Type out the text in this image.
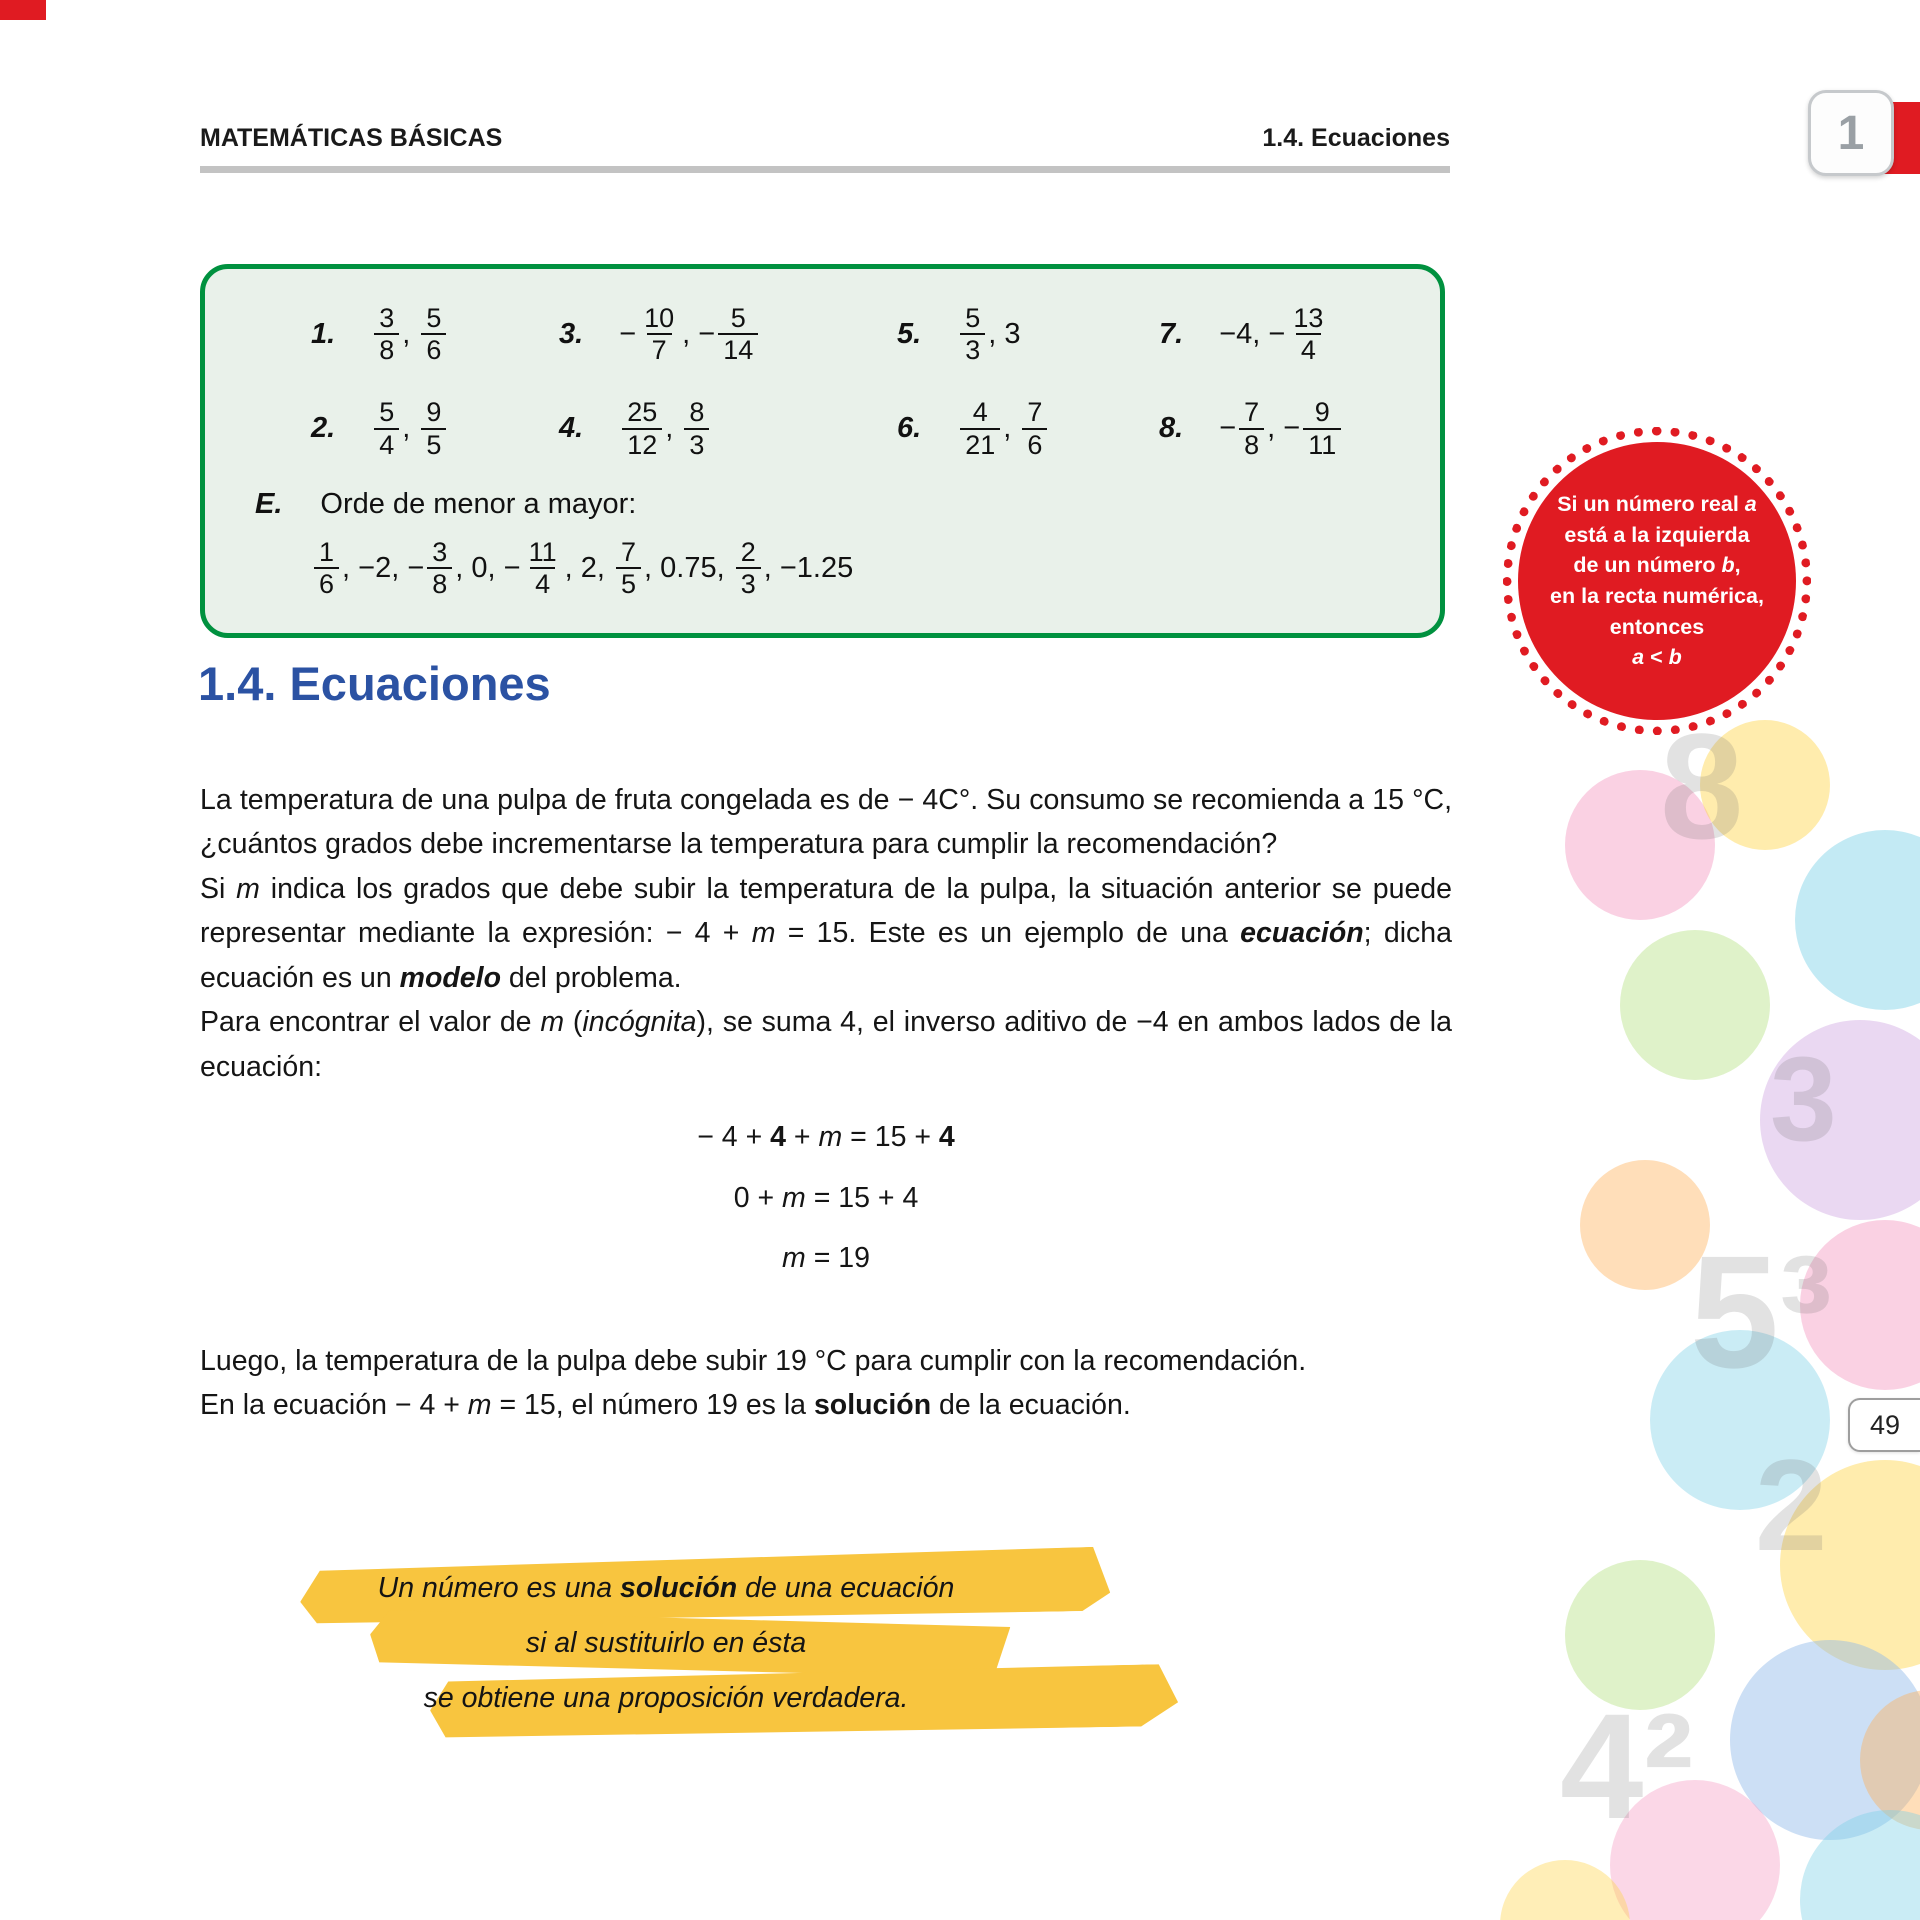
1
MATEMÁTICAS BÁSICAS	1.4. Ecuaciones
1. $\frac{3}{8}$ , $\frac{5}{6}$	3. − $\frac{10}{7}$ , − $\frac{5}{14}$	5. $\frac{5}{3}$ , 3	7. −4, − $\frac{13}{4}$
2. $\frac{5}{4}$ , $\frac{9}{5}$	4. $\frac{25}{12}$ , $\frac{8}{3}$	6. $\frac{4}{21}$ , $\frac{7}{6}$	8. − $\frac{7}{8}$ , − $\frac{9}{11}$
E. Orde de menor a mayor:
$\frac{1}{6}$ , −2, − $\frac{3}{8}$ , 0, − $\frac{11}{4}$ , 2, $\frac{7}{5}$ , 0.75, $\frac{2}{3}$ , −1.25
Si un número real a
está a la izquierda
de un número b,
en la recta numérica,
entonces
a < b
1.4. Ecuaciones

La temperatura de una pulpa de fruta congelada es de − 4C°. Su consumo se recomienda a 15 °C, ¿cuántos grados debe incrementarse la temperatura para cumplir la recomendación?

Si m indica los grados que debe subir la temperatura de la pulpa, la situación anterior se puede representar mediante la expresión: − 4 + m = 15. Este es un ejemplo de una ecuación; dicha ecuación es un modelo del problema.

Para encontrar el valor de m (incógnita), se suma 4, el inverso aditivo de −4 en ambos lados de la ecuación:

− 4 + 4 + m = 15 + 4
0 + m = 15 + 4
m = 19

Luego, la temperatura de la pulpa debe subir 19 °C para cumplir con la recomendación.

En la ecuación − 4 + m = 15, el número 19 es la solución de la ecuación.

Un número es una solución de una ecuación
si al sustituirlo en ésta
se obtiene una proposición verdadera.
49
8
3
5³
2
4²
